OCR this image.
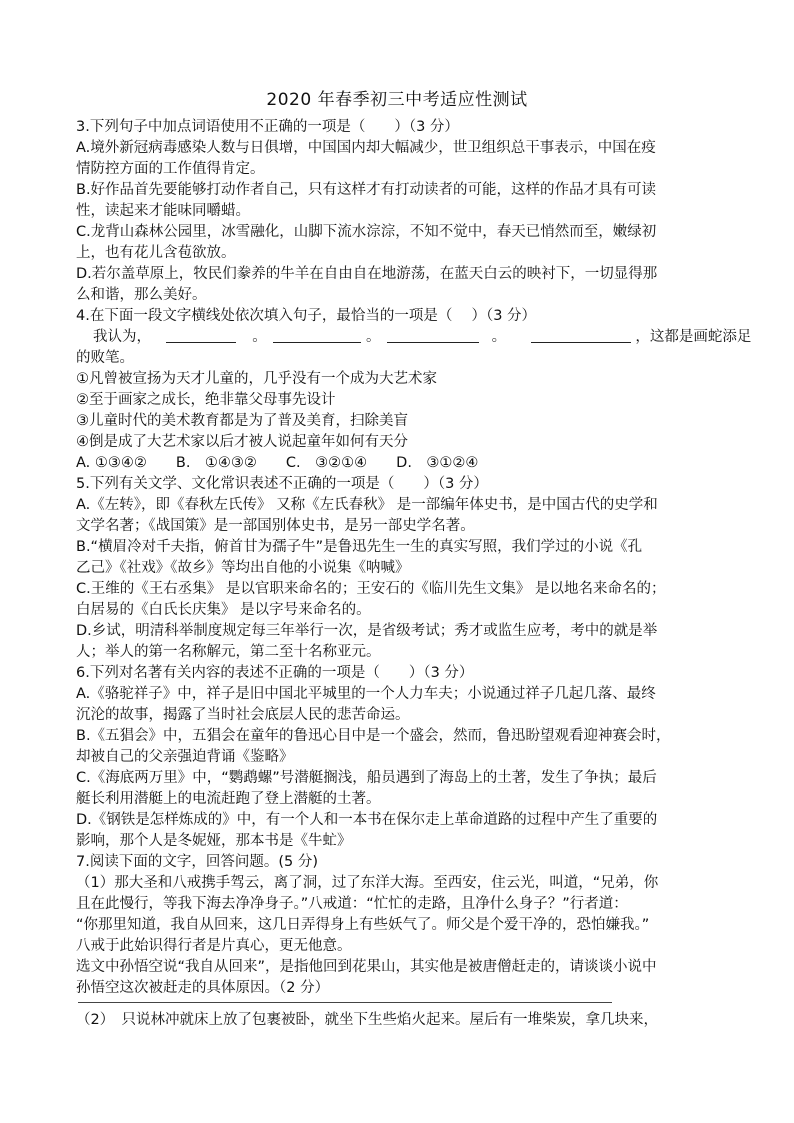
2020 年春季初三中考适应性测试
3.下列句子中加点词语使用不正确的一项是（　　）（3 分）
A.境外新冠病毒感染人数与日俱增，中国国内却大幅减少，世卫组织总干事表示，中国在疫
情防控方面的工作值得肯定。
B.好作品首先要能够打动作者自己，只有这样才有打动读者的可能，这样的作品才具有可读
性，读起来才能味同嚼蜡。
C.龙背山森林公园里，冰雪融化，山脚下流水淙淙，不知不觉中，春天已悄然而至，嫩绿初
上，也有花儿含苞欲放。
D.若尔盖草原上，牧民们豢养的牛羊在自由自在地游荡，在蓝天白云的映衬下，一切显得那
么和谐，那么美好。
4.在下面一段文字横线处依次填入句子，最恰当的一项是（　 ）（3 分）
我认为，	。	。	。	，这都是画蛇添足
的败笔。
①凡曾被宣扬为天才儿童的，几乎没有一个成为大艺术家
②至于画家之成长，绝非靠父母事先设计
③儿童时代的美术教育都是为了普及美育，扫除美盲
④倒是成了大艺术家以后才被人说起童年如何有天分
A. ①③④②　　B.　①④③②　　C.　③②①④　　D.　③①②④
5.下列有关文学、文化常识表述不正确的一项是（　　）（3 分）
A.《左转》，即《春秋左氏传》 又称《左氏春秋》 是一部编年体史书，是中国古代的史学和
文学名著；《战国策》是一部国别体史书，是另一部史学名著。
B.“横眉冷对千夫指，俯首甘为孺子牛”是鲁迅先生一生的真实写照，我们学过的小说《孔
乙己》《社戏》《故乡》等均出自他的小说集《呐喊》
C.王维的《王右丞集》 是以官职来命名的；王安石的《临川先生文集》 是以地名来命名的；
白居易的《白氏长庆集》 是以字号来命名的。
D.乡试，明清科举制度规定每三年举行一次，是省级考试；秀才或监生应考，考中的就是举
人；举人的第一名称解元，第二至十名称亚元。
6.下列对名著有关内容的表述不正确的一项是（　　）（3 分）
A.《骆驼祥子》中，祥子是旧中国北平城里的一个人力车夫；小说通过祥子几起几落、最终
沉沦的故事，揭露了当时社会底层人民的悲苦命运。
B.《五猖会》中，五猖会在童年的鲁迅心目中是一个盛会，然而，鲁迅盼望观看迎神赛会时，
却被自己的父亲强迫背诵《鉴略》
C.《海底两万里》中，“鹦鹉螺”号潜艇搁浅，船员遇到了海岛上的土著，发生了争执；最后
艇长利用潜艇上的电流赶跑了登上潜艇的土著。
D.《钢铁是怎样炼成的》中，有一个人和一本书在保尔走上革命道路的过程中产生了重要的
影响，那个人是冬妮娅，那本书是《牛虻》
7.阅读下面的文字，回答问题。(5 分)
（1）那大圣和八戒携手驾云，离了洞，过了东洋大海。至西安，住云光，叫道，“兄弟，你
且在此慢行，等我下海去净净身子。”八戒道：“忙忙的走路，且净什么身子？”行者道：
“你那里知道，我自从回来，这几日弄得身上有些妖气了。师父是个爱干净的，恐怕嫌我。”
八戒于此始识得行者是片真心，更无他意。
选文中孙悟空说“我自从回来”，是指他回到花果山，其实他是被唐僧赶走的，请谈谈小说中
孙悟空这次被赶走的具体原因。（2 分）
（2）　只说林冲就床上放了包裹被卧，就坐下生些焰火起来。屋后有一堆柴炭，拿几块来，
